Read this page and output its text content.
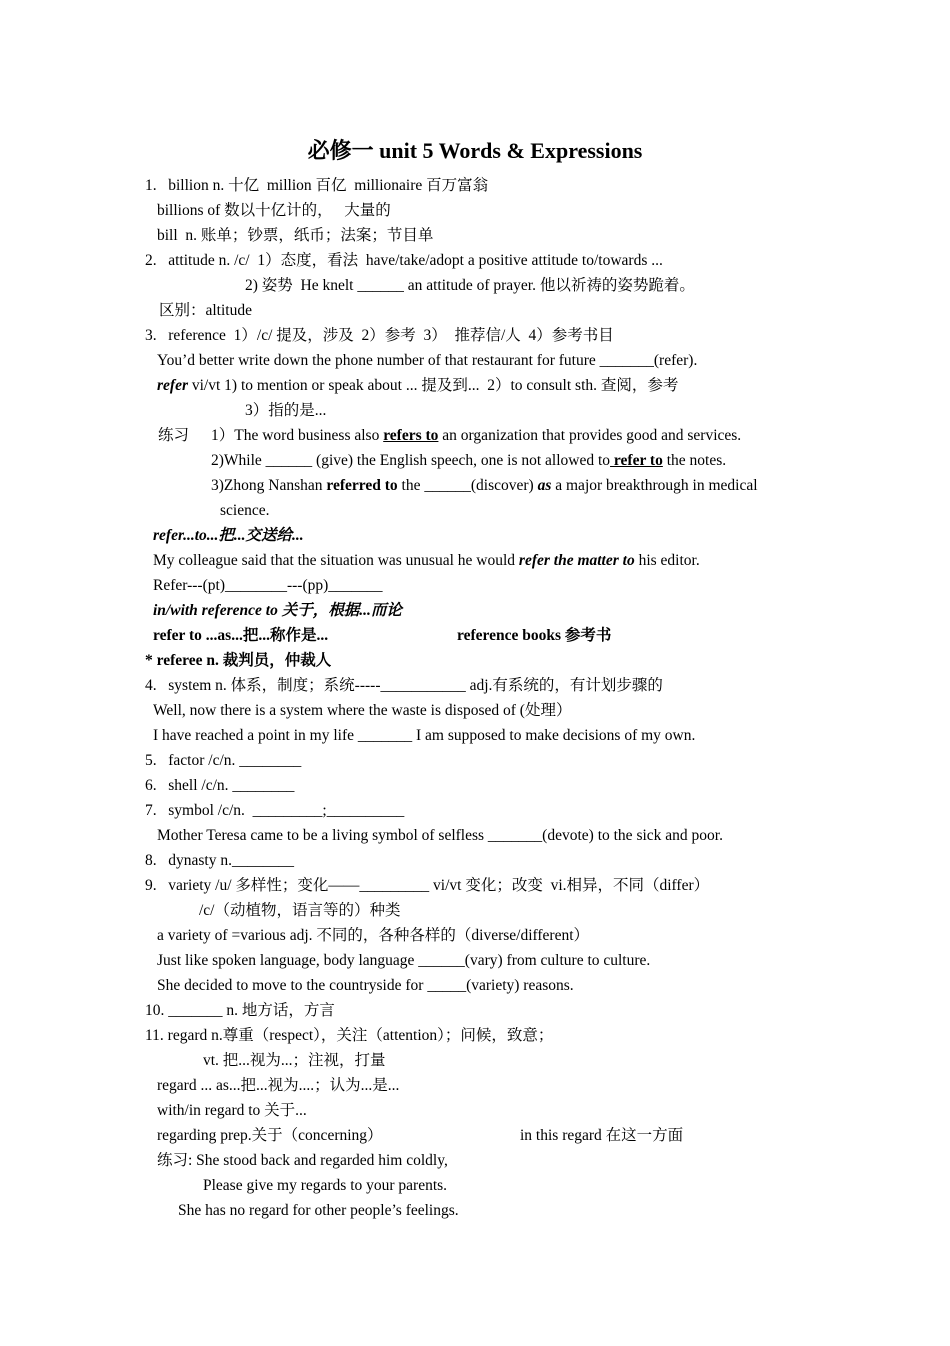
必修一 unit 5 Words & Expressions
1.   billion n. 十亿  million 百亿  millionaire 百万富翁
billions of 数以十亿计的，   大量的
bill  n. 账单；钞票，纸币；法案；节目单
2.   attitude n. /c/  1）态度，看法  have/take/adopt a positive attitude to/towards ...
2) 姿势  He knelt ______ an attitude of prayer. 他以祈祷的姿势跪着。
区别：altitude
3.   reference  1）/c/ 提及，涉及  2）参考  3）  推荐信/人  4）参考书目
You’d better write down the phone number of that restaurant for future _______(refer).
refer vi/vt 1) to mention or speak about ... 提及到...  2）to consult sth. 查阅，参考
3）指的是...
练习 1）The word business also refers to an organization that provides good and services.
2)While ______ (give) the English speech, one is not allowed to refer to the notes.
3)Zhong Nanshan referred to the ______(discover) as a major breakthrough in medical
science.
refer...to...把...交送给...
My colleague said that the situation was unusual he would refer the matter to his editor.
Refer---(pt)________---(pp)_______
in/with reference to 关于，根据...而论
refer to ...as...把...称作是...	reference books 参考书
* referee n. 裁判员，仲裁人
4.   system n. 体系，制度；系统-----___________ adj.有系统的，有计划步骤的
Well, now there is a system where the waste is disposed of (处理）
I have reached a point in my life _______ I am supposed to make decisions of my own.
5.   factor /c/n. ________
6.   shell /c/n. ________
7.   symbol /c/n.  _________;__________
Mother Teresa came to be a living symbol of selfless _______(devote) to the sick and poor.
8.   dynasty n.________
9.   variety /u/ 多样性；变化——_________ vi/vt 变化；改变  vi.相异，不同（differ）
/c/（动植物，语言等的）种类
a variety of =various adj. 不同的，各种各样的（diverse/different）
Just like spoken language, body language ______(vary) from culture to culture.
She decided to move to the countryside for _____(variety) reasons.
10. _______ n. 地方话，方言
11. regard n.尊重（respect），关注（attention）；问候，致意；
vt. 把...视为...；注视，打量
regard ... as...把...视为....；认为...是...
with/in regard to 关于...
regarding prep.关于（concerning）	in this regard 在这一方面
练习: She stood back and regarded him coldly,
Please give my regards to your parents.
She has no regard for other people’s feelings.
